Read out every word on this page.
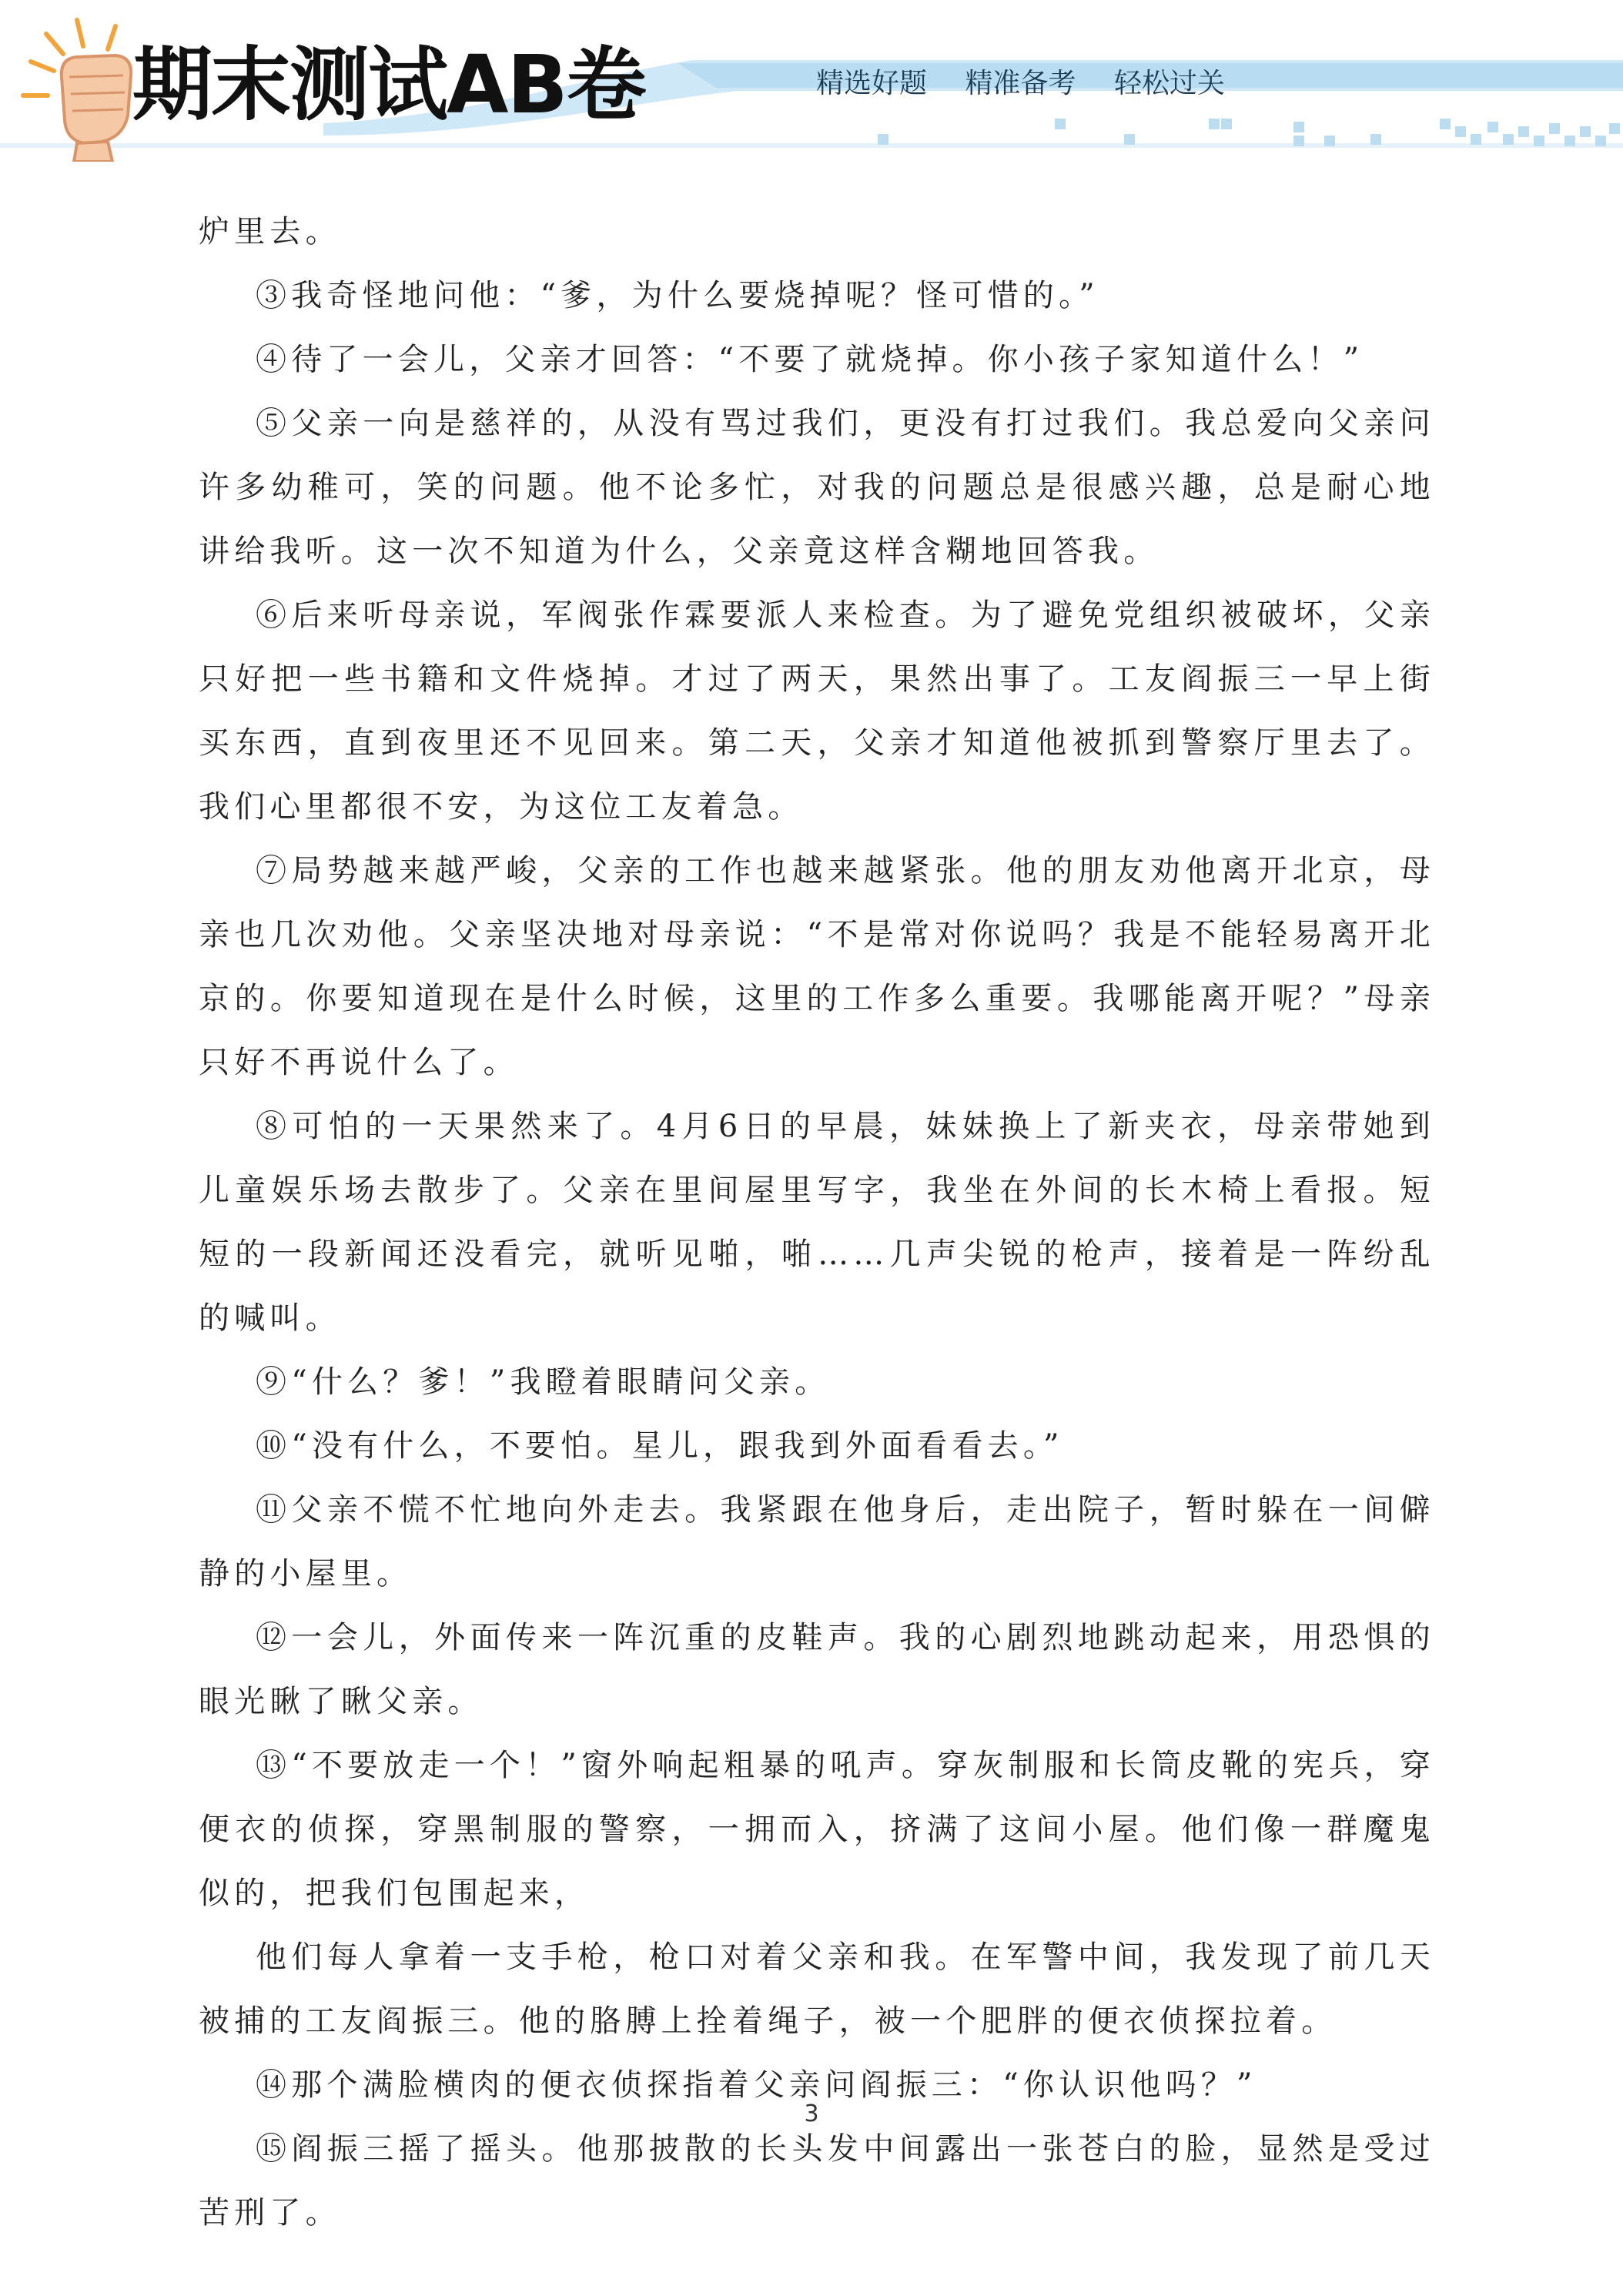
期末测试AB卷	精选好题 精准备考 轻松过关

炉里去。

③我奇怪地问他：“爹，为什么要烧掉呢？怪可惜的。”

④待了一会儿，父亲才回答：“不要了就烧掉。你小孩子家知道什么！”

⑤父亲一向是慈祥的，从没有骂过我们，更没有打过我们。我总爱向父亲问许多幼稚可，笑的问题。他不论多忙，对我的问题总是很感兴趣，总是耐心地讲给我听。这一次不知道为什么，父亲竟这样含糊地回答我。

⑥后来听母亲说，军阀张作霖要派人来检查。为了避免党组织被破坏，父亲只好把一些书籍和文件烧掉。才过了两天，果然出事了。工友阎振三一早上街买东西，直到夜里还不见回来。第二天，父亲才知道他被抓到警察厅里去了。我们心里都很不安，为这位工友着急。

⑦局势越来越严峻，父亲的工作也越来越紧张。他的朋友劝他离开北京，母亲也几次劝他。父亲坚决地对母亲说：“不是常对你说吗？我是不能轻易离开北京的。你要知道现在是什么时候，这里的工作多么重要。我哪能离开呢？”母亲只好不再说什么了。

⑧可怕的一天果然来了。4月6日的早晨，妹妹换上了新夹衣，母亲带她到儿童娱乐场去散步了。父亲在里间屋里写字，我坐在外间的长木椅上看报。短短的一段新闻还没看完，就听见啪，啪……几声尖锐的枪声，接着是一阵纷乱的喊叫。

⑨“什么？爹！”我瞪着眼睛问父亲。

⑩“没有什么，不要怕。星儿，跟我到外面看看去。”

⑪父亲不慌不忙地向外走去。我紧跟在他身后，走出院子，暂时躲在一间僻静的小屋里。

⑫一会儿，外面传来一阵沉重的皮鞋声。我的心剧烈地跳动起来，用恐惧的眼光瞅了瞅父亲。

⑬“不要放走一个！”窗外响起粗暴的吼声。穿灰制服和长筒皮靴的宪兵，穿便衣的侦探，穿黑制服的警察，一拥而入，挤满了这间小屋。他们像一群魔鬼似的，把我们包围起来，

他们每人拿着一支手枪，枪口对着父亲和我。在军警中间，我发现了前几天被捕的工友阎振三。他的胳膊上拴着绳子，被一个肥胖的便衣侦探拉着。

⑭那个满脸横肉的便衣侦探指着父亲问阎振三：“你认识他吗？”

⑮阎振三摇了摇头。他那披散的长头发中间露出一张苍白的脸，显然是受过苦刑了。

3
